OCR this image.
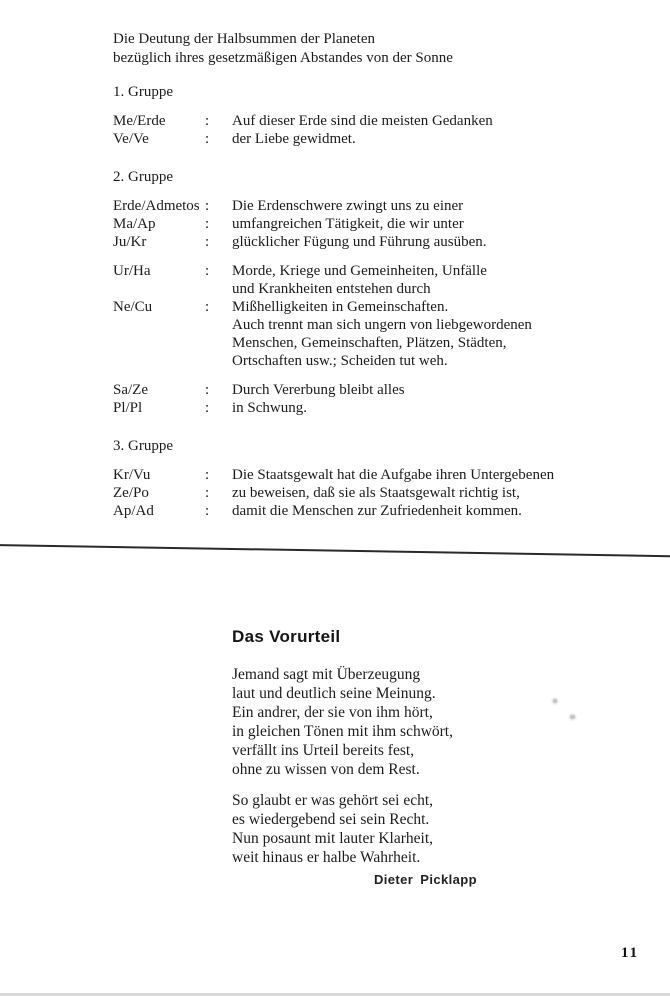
Die Deutung der Halbsummen der Planeten
bezüglich ihres gesetzmäßigen Abstandes von der Sonne
1. Gruppe
Me/Erde	:	Auf dieser Erde sind die meisten Gedanken
Ve/Ve	:	der Liebe gewidmet.
2. Gruppe
Erde/Admetos :	Die Erdenschwere zwingt uns zu einer
Ma/Ap	:	umfangreichen Tätigkeit, die wir unter
Ju/Kr	:	glücklicher Fügung und Führung ausüben.
Ur/Ha	:	Morde, Kriege und Gemeinheiten, Unfälle
und Krankheiten entstehen durch
Ne/Cu	:	Mißhelligkeiten in Gemeinschaften.
Auch trennt man sich ungern von liebgewordenen
Menschen, Gemeinschaften, Plätzen, Städten,
Ortschaften usw.; Scheiden tut weh.
Sa/Ze	:	Durch Vererbung bleibt alles
Pl/Pl	:	in Schwung.
3. Gruppe
Kr/Vu	:	Die Staatsgewalt hat die Aufgabe ihren Untergebenen
Ze/Po	:	zu beweisen, daß sie als Staatsgewalt richtig ist,
Ap/Ad	:	damit die Menschen zur Zufriedenheit kommen.
Das Vorurteil
Jemand sagt mit Überzeugung
laut und deutlich seine Meinung.
Ein andrer, der sie von ihm hört,
in gleichen Tönen mit ihm schwört,
verfällt ins Urteil bereits fest,
ohne zu wissen von dem Rest.
So glaubt er was gehört sei echt,
es wiedergebend sei sein Recht.
Nun posaunt mit lauter Klarheit,
weit hinaus er halbe Wahrheit.
Dieter Picklapp
11
